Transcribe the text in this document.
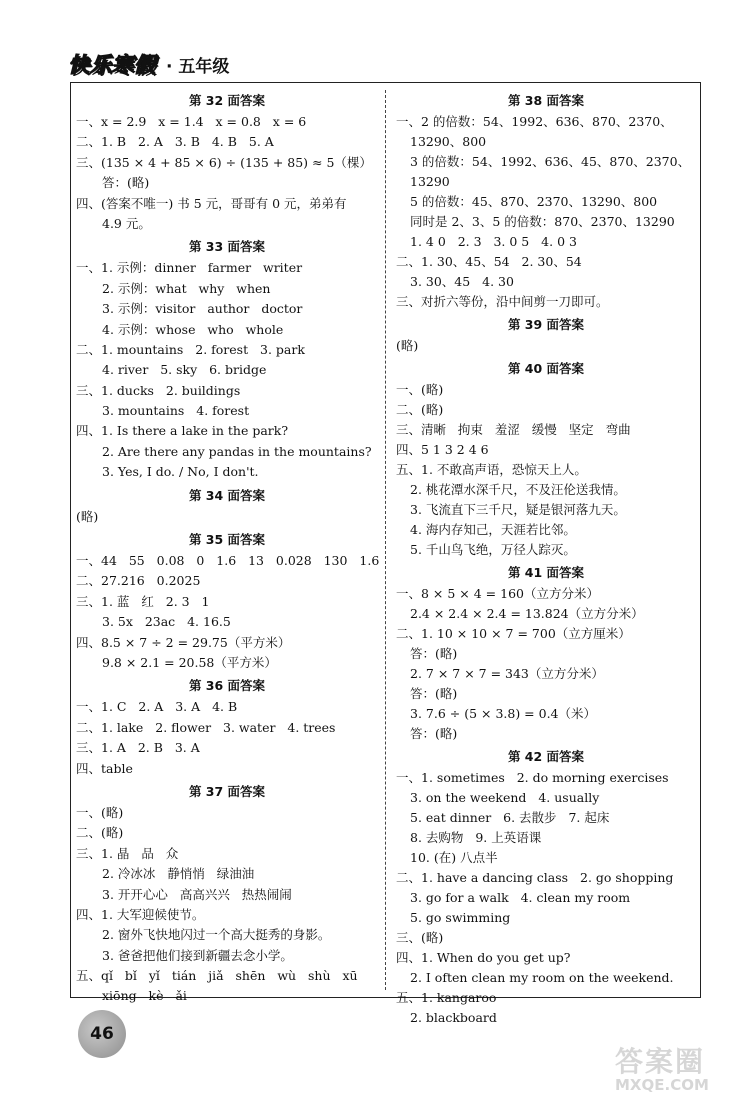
快乐寒假 · 五年级
第 32 面答案
一、x = 2.9   x = 1.4   x = 0.8   x = 6
二、1. B   2. A   3. B   4. B   5. A
三、(135 × 4 + 85 × 6) ÷ (135 + 85) ≈ 5（棵）
答：(略)
四、(答案不唯一) 书 5 元，哥哥有 0 元，弟弟有
4.9 元。
第 33 面答案
一、1. 示例：dinner   farmer   writer
2. 示例：what   why   when
3. 示例：visitor   author   doctor
4. 示例：whose   who   whole
二、1. mountains   2. forest   3. park
4. river   5. sky   6. bridge
三、1. ducks   2. buildings
3. mountains   4. forest
四、1. Is there a lake in the park?
2. Are there any pandas in the mountains?
3. Yes, I do. / No, I don't.
第 34 面答案
(略)
第 35 面答案
一、44   55   0.08   0   1.6   13   0.028   130   1.6
二、27.216   0.2025
三、1. 蓝   红   2. 3   1
3. 5x   23ac   4. 16.5
四、8.5 × 7 ÷ 2 = 29.75（平方米）
9.8 × 2.1 = 20.58（平方米）
第 36 面答案
一、1. C   2. A   3. A   4. B
二、1. lake   2. flower   3. water   4. trees
三、1. A   2. B   3. A
四、table
第 37 面答案
一、(略)
二、(略)
三、1. 晶   品   众
2. 冷冰冰   静悄悄   绿油油
3. 开开心心   高高兴兴   热热闹闹
四、1. 大军迎候使节。
2. 窗外飞快地闪过一个高大挺秀的身影。
3. 爸爸把他们接到新疆去念小学。
五、qǐ   bǐ   yǐ   tián   jiǎ   shēn   wù   shù   xū
xiōng   kè   ǎi
第 38 面答案
一、2 的倍数：54、1992、636、870、2370、
13290、800
3 的倍数：54、1992、636、45、870、2370、
13290
5 的倍数：45、870、2370、13290、800
同时是 2、3、5 的倍数：870、2370、13290
1. 4 0   2. 3   3. 0 5   4. 0 3
二、1. 30、45、54   2. 30、54
3. 30、45   4. 30
三、对折六等份，沿中间剪一刀即可。
第 39 面答案
(略)
第 40 面答案
一、(略)
二、(略)
三、清晰   拘束   羞涩   缓慢   坚定   弯曲
四、5 1 3 2 4 6
五、1. 不敢高声语，恐惊天上人。
2. 桃花潭水深千尺，不及汪伦送我情。
3. 飞流直下三千尺，疑是银河落九天。
4. 海内存知己，天涯若比邻。
5. 千山鸟飞绝，万径人踪灭。
第 41 面答案
一、8 × 5 × 4 = 160（立方分米）
2.4 × 2.4 × 2.4 = 13.824（立方分米）
二、1. 10 × 10 × 7 = 700（立方厘米）
答：(略)
2. 7 × 7 × 7 = 343（立方分米）
答：(略)
3. 7.6 ÷ (5 × 3.8) = 0.4（米）
答：(略)
第 42 面答案
一、1. sometimes   2. do morning exercises
3. on the weekend   4. usually
5. eat dinner   6. 去散步   7. 起床
8. 去购物   9. 上英语课
10. (在) 八点半
二、1. have a dancing class   2. go shopping
3. go for a walk   4. clean my room
5. go swimming
三、(略)
四、1. When do you get up?
2. I often clean my room on the weekend.
五、1. kangaroo
2. blackboard
46
答案圈
MXQE.COM
